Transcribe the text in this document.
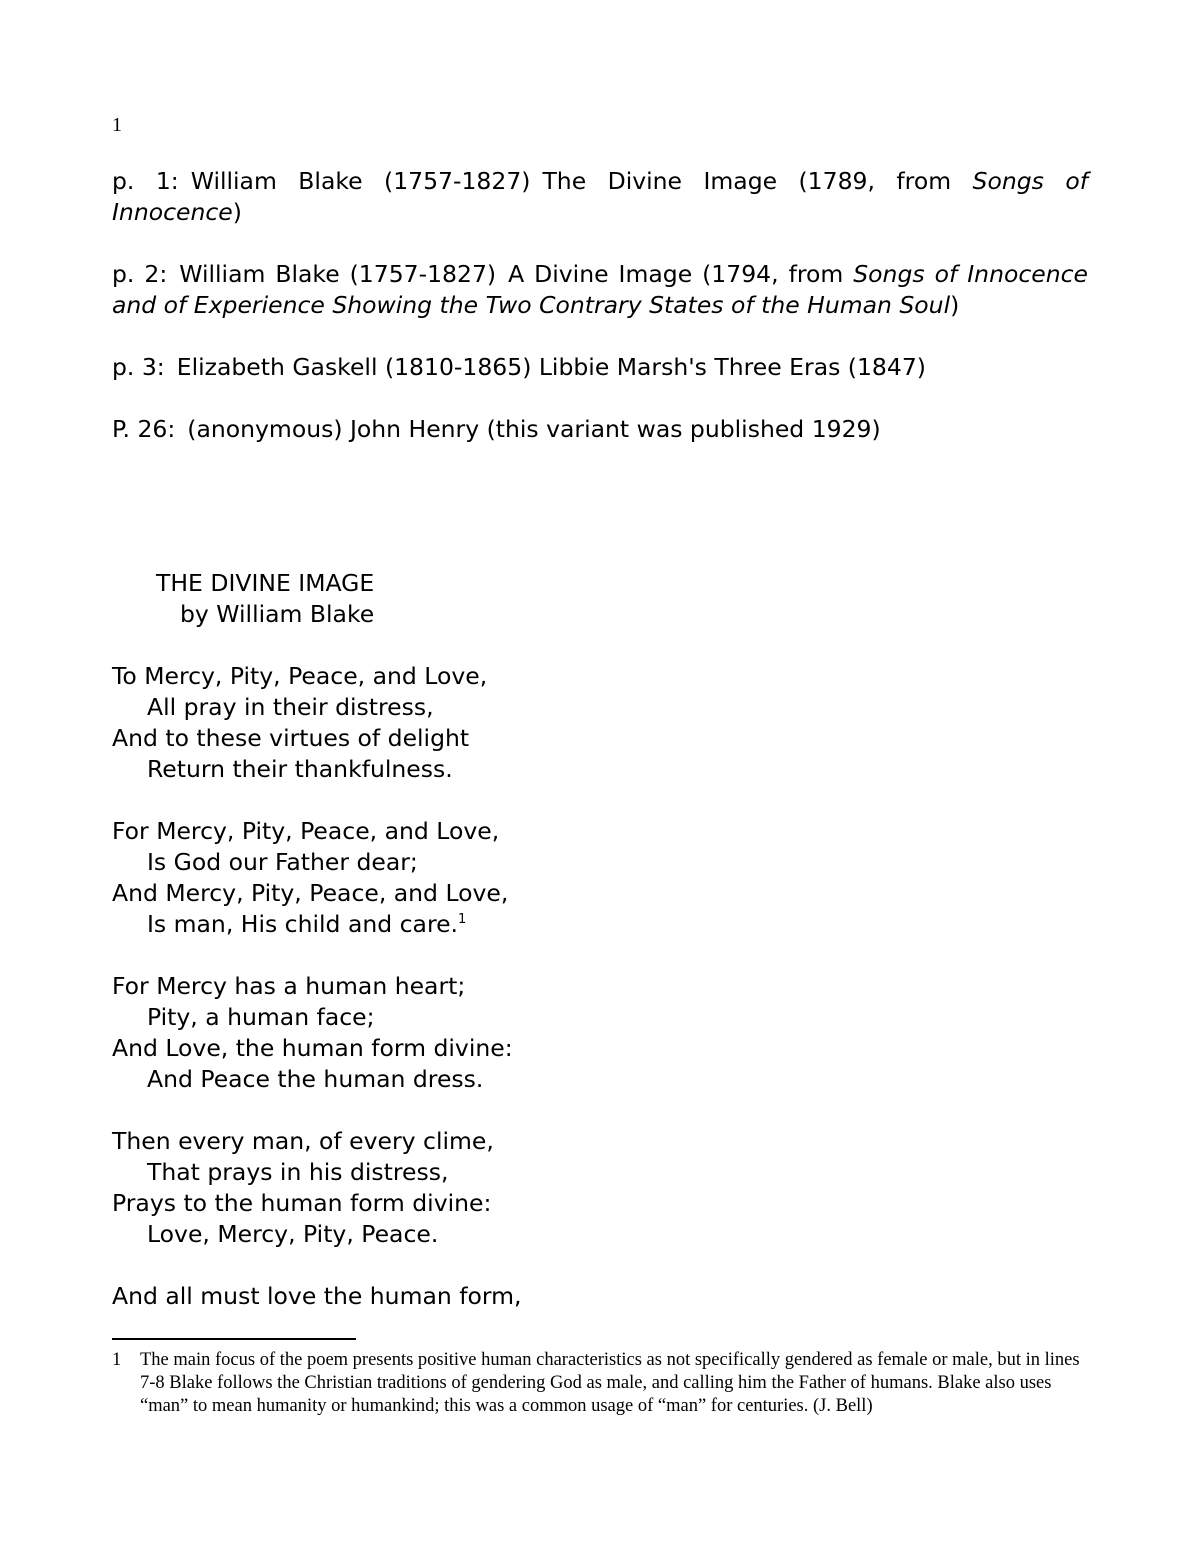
1

p. 1: William Blake (1757-1827) The Divine Image (1789, from Songs of Innocence)

p. 2: William Blake (1757-1827) A Divine Image (1794, from Songs of Innocence and of Experience Showing the Two Contrary States of the Human Soul)

p. 3: Elizabeth Gaskell (1810-1865) Libbie Marsh's Three Eras (1847)

P. 26: (anonymous) John Henry (this variant was published 1929)

THE DIVINE IMAGE
by William Blake
To Mercy, Pity, Peace, and Love,
All pray in their distress,
And to these virtues of delight
Return their thankfulness.
For Mercy, Pity, Peace, and Love,
Is God our Father dear;
And Mercy, Pity, Peace, and Love,
Is man, His child and care.$^1$
For Mercy has a human heart;
Pity, a human face;
And Love, the human form divine:
And Peace the human dress.
Then every man, of every clime,
That prays in his distress,
Prays to the human form divine:
Love, Mercy, Pity, Peace.
And all must love the human form,
1 The main focus of the poem presents positive human characteristics as not specifically gendered as female or male, but in lines 7-8 Blake follows the Christian traditions of gendering God as male, and calling him the Father of humans. Blake also uses “man” to mean humanity or humankind; this was a common usage of “man” for centuries. (J. Bell)
